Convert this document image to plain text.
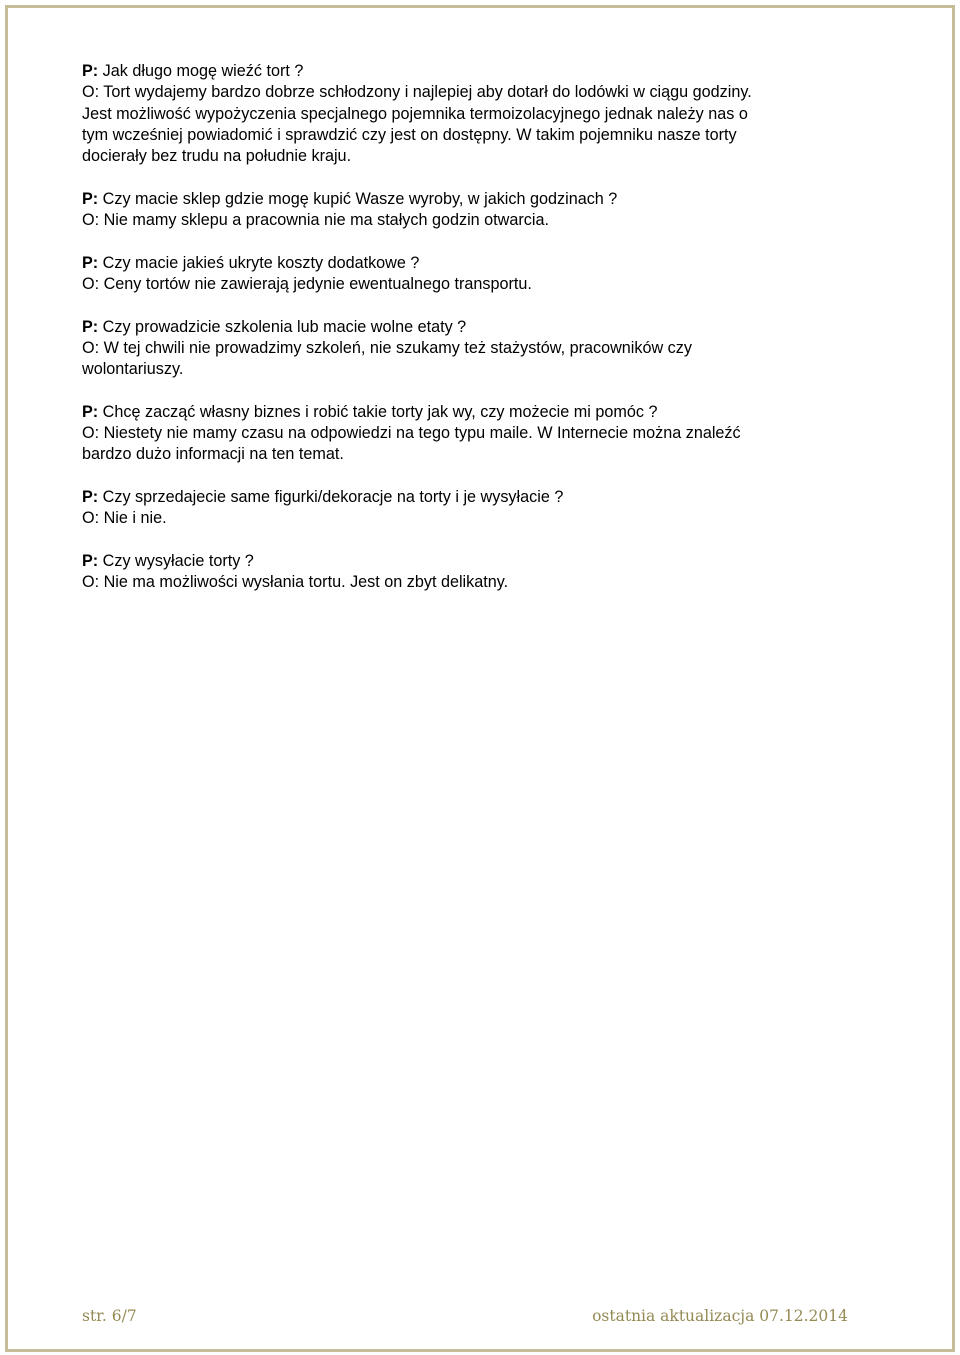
P: Jak długo mogę wieźć tort ?
O: Tort wydajemy bardzo dobrze schłodzony i najlepiej aby dotarł do lodówki w ciągu godziny.
Jest możliwość wypożyczenia specjalnego pojemnika termoizolacyjnego jednak należy nas o
tym wcześniej powiadomić i sprawdzić czy jest on dostępny. W takim pojemniku nasze torty
docierały bez trudu na południe kraju.
P: Czy macie sklep gdzie mogę kupić Wasze wyroby, w jakich godzinach ?
O: Nie mamy sklepu a pracownia nie ma stałych godzin otwarcia.
P: Czy macie jakieś ukryte koszty dodatkowe ?
O: Ceny tortów nie zawierają jedynie ewentualnego transportu.
P: Czy prowadzicie szkolenia lub macie wolne etaty ?
O: W tej chwili nie prowadzimy szkoleń, nie szukamy też stażystów, pracowników czy
wolontariuszy.
P: Chcę zacząć własny biznes i robić takie torty jak wy, czy możecie mi pomóc ?
O: Niestety nie mamy czasu na odpowiedzi na tego typu maile. W Internecie można znaleźć
bardzo dużo informacji na ten temat.
P: Czy sprzedajecie same figurki/dekoracje na torty i je wysyłacie ?
O: Nie i nie.
P: Czy wysyłacie torty ?
O: Nie ma możliwości wysłania tortu. Jest on zbyt delikatny.
str. 6/7	ostatnia aktualizacja 07.12.2014
